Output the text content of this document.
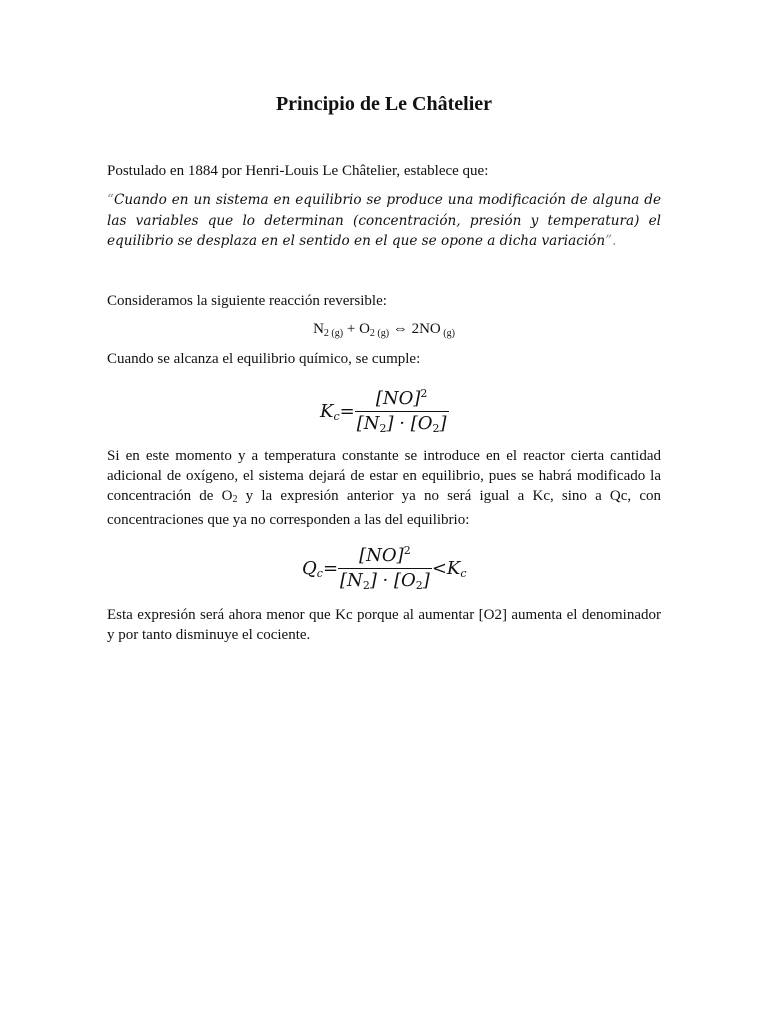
Principio de Le Châtelier
Postulado en 1884 por Henri-Louis Le Châtelier, establece que:
“Cuando en un sistema en equilibrio se produce una modificación de alguna de las variables que lo determinan (concentración, presión y temperatura) el equilibrio se desplaza en el sentido en el que se opone a dicha variación”.
Consideramos la siguiente reacción reversible:
$N_{2 (g)} + O_{2 (g)}$ ⇔ 2NO $_{(g)}$
Cuando se alcanza el equilibrio químico, se cumple:
$K_c= \frac{[NO]^2}{[N_2] \cdot [O_2]}$
Si en este momento y a temperatura constante se introduce en el reactor cierta cantidad adicional de oxígeno, el sistema dejará de estar en equilibrio, pues se habrá modificado la concentración de $O_2$ y la expresión anterior ya no será igual a Kc, sino a Qc, con concentraciones que ya no corresponden a las del equilibrio:
$Q_c= \frac{[NO]^2}{[N_2] \cdot [O_2]} <K_c$
Esta expresión será ahora menor que Kc porque al aumentar [O2] aumenta el denominador y por tanto disminuye el cociente.
